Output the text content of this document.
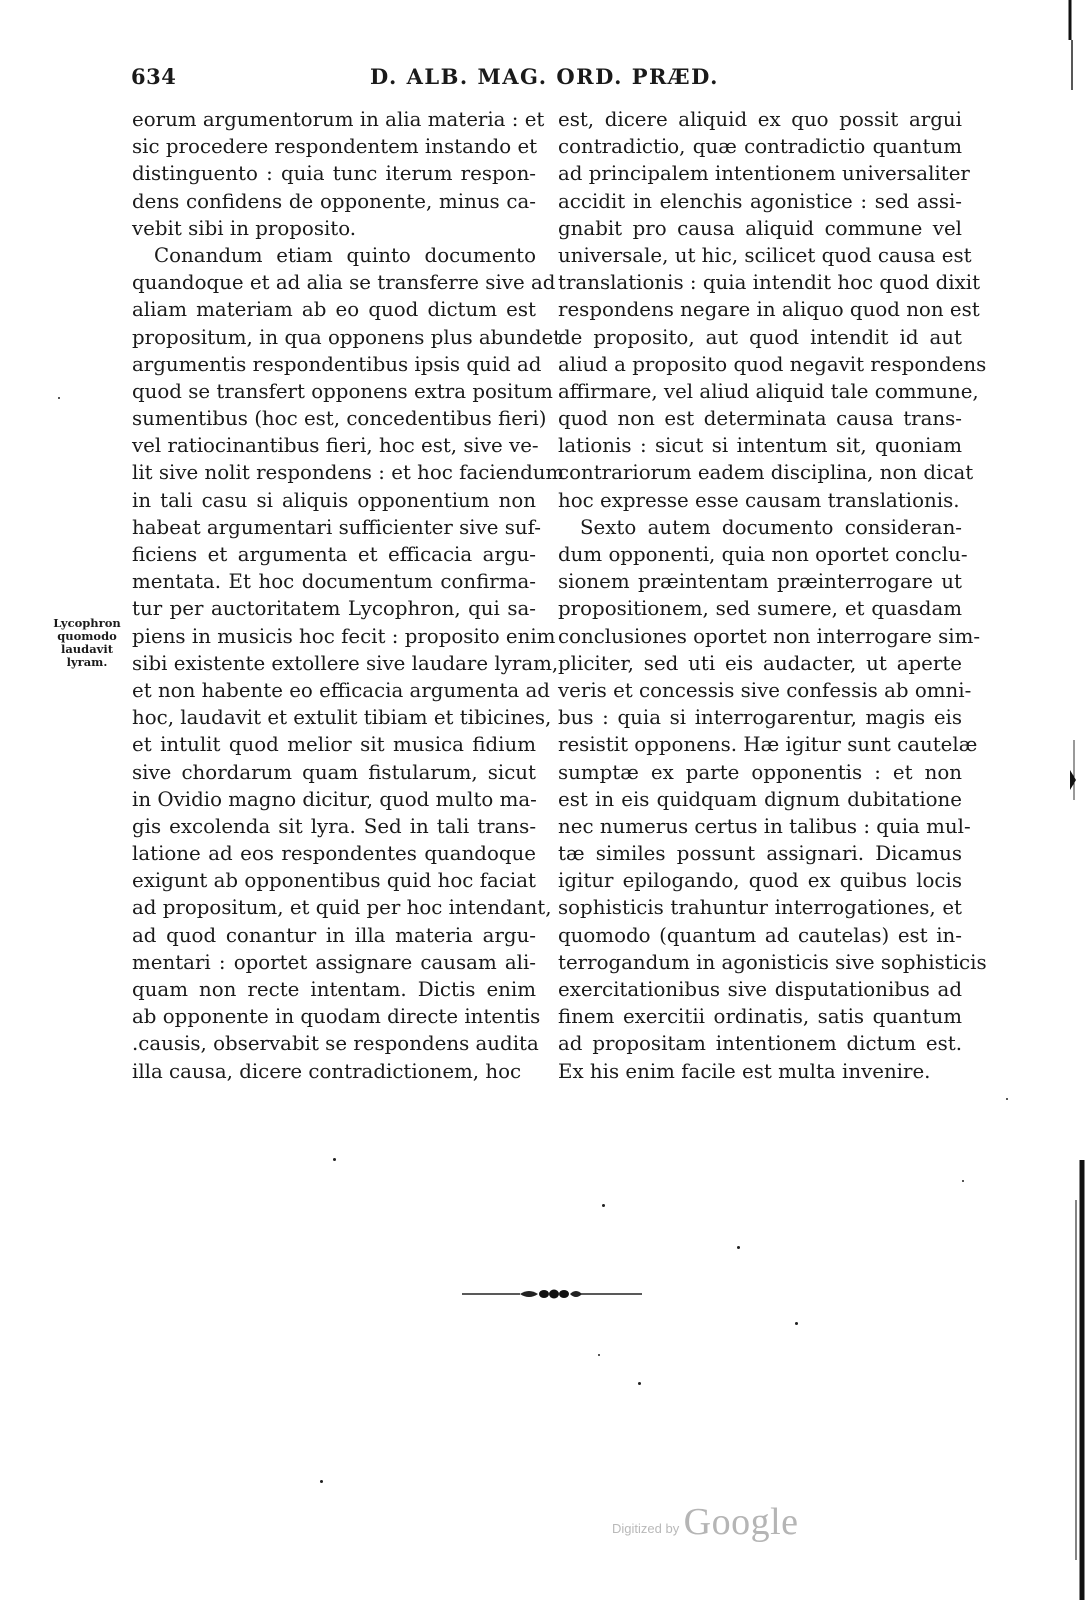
634	D. ALB. MAG. ORD. PRÆD.
Lycophron
quomodo
laudavit
lyram.
eorum argumentorum in alia materia : et
sic procedere respondentem instando et
distinguento : quia tunc iterum respon-
dens confidens de opponente, minus ca-
vebit sibi in proposito.
Conandum etiam quinto documento
quandoque et ad alia se transferre sive ad
aliam materiam ab eo quod dictum est
propositum, in qua opponens plus abundet
argumentis respondentibus ipsis quid ad
quod se transfert opponens extra positum
sumentibus (hoc est, concedentibus fieri)
vel ratiocinantibus fieri, hoc est, sive ve-
lit sive nolit respondens : et hoc faciendum
in tali casu si aliquis opponentium non
habeat argumentari sufficienter sive suf-
ficiens et argumenta et efficacia argu-
mentata. Et hoc documentum confirma-
tur per auctoritatem Lycophron, qui sa-
piens in musicis hoc fecit : proposito enim
sibi existente extollere sive laudare lyram,
et non habente eo efficacia argumenta ad
hoc, laudavit et extulit tibiam et tibicines,
et intulit quod melior sit musica fidium
sive chordarum quam fistularum, sicut
in Ovidio magno dicitur, quod multo ma-
gis excolenda sit lyra. Sed in tali trans-
latione ad eos respondentes quandoque
exigunt ab opponentibus quid hoc faciat
ad propositum, et quid per hoc intendant,
ad quod conantur in illa materia argu-
mentari : oportet assignare causam ali-
quam non recte intentam. Dictis enim
ab opponente in quodam directe intentis
.causis, observabit se respondens audita
illa causa, dicere contradictionem, hoc
est, dicere aliquid ex quo possit argui
contradictio, quæ contradictio quantum
ad principalem intentionem universaliter
accidit in elenchis agonistice : sed assi-
gnabit pro causa aliquid commune vel
universale, ut hic, scilicet quod causa est
translationis : quia intendit hoc quod dixit
respondens negare in aliquo quod non est
de proposito, aut quod intendit id aut
aliud a proposito quod negavit respondens
affirmare, vel aliud aliquid tale commune,
quod non est determinata causa trans-
lationis : sicut si intentum sit, quoniam
contrariorum eadem disciplina, non dicat
hoc expresse esse causam translationis.
Sexto autem documento consideran-
dum opponenti, quia non oportet conclu-
sionem præintentam præinterrogare ut
propositionem, sed sumere, et quasdam
conclusiones oportet non interrogare sim-
pliciter, sed uti eis audacter, ut aperte
veris et concessis sive confessis ab omni-
bus : quia si interrogarentur, magis eis
resistit opponens. Hæ igitur sunt cautelæ
sumptæ ex parte opponentis : et non
est in eis quidquam dignum dubitatione
nec numerus certus in talibus : quia mul-
tæ similes possunt assignari. Dicamus
igitur epilogando, quod ex quibus locis
sophisticis trahuntur interrogationes, et
quomodo (quantum ad cautelas) est in-
terrogandum in agonisticis sive sophisticis
exercitationibus sive disputationibus ad
finem exercitii ordinatis, satis quantum
ad propositam intentionem dictum est.
Ex his enim facile est multa invenire.
$_{Digitized by}$ Google
